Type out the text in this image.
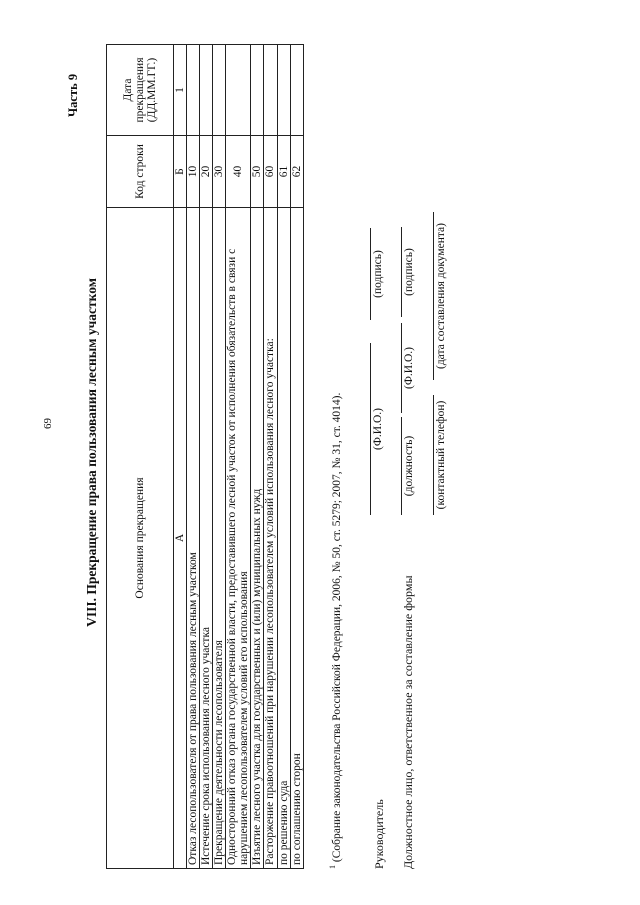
69
Часть 9
VIII. Прекращение права пользования лесным участком	Основания прекращения	Код строки	Дата прекращения (ДД.ММ.ГГ.)
А	Б	1
Отказ лесопользователя от права пользования лесным участком	10	
Истечение срока использования лесного участка	20	
Прекращение деятельности лесопользователя	30	
Односторонний отказ органа государственной власти, предоставившего лесной участок от исполнения обязательств в связи с нарушением лесопользователем условий его использования	40	
Изъятие лесного участка для государственных и (или) муниципальных нужд	50	
Расторжение правоотношений при нарушении лесопользователем условий использования лесного участка:	60	
по решению суда	61	
по соглашению сторон	62	
$^1$ (Собрание законодательства Российской Федерации, 2006, № 50, ст. 5279; 2007, № 31, ст. 4014). Руководитель
(Ф.И.О.)
(подпись)
Должностное лицо, ответственное за составление формы
(должность)
(Ф.И.О.)
(подпись)
(контактный телефон)
(дата составления документа)
